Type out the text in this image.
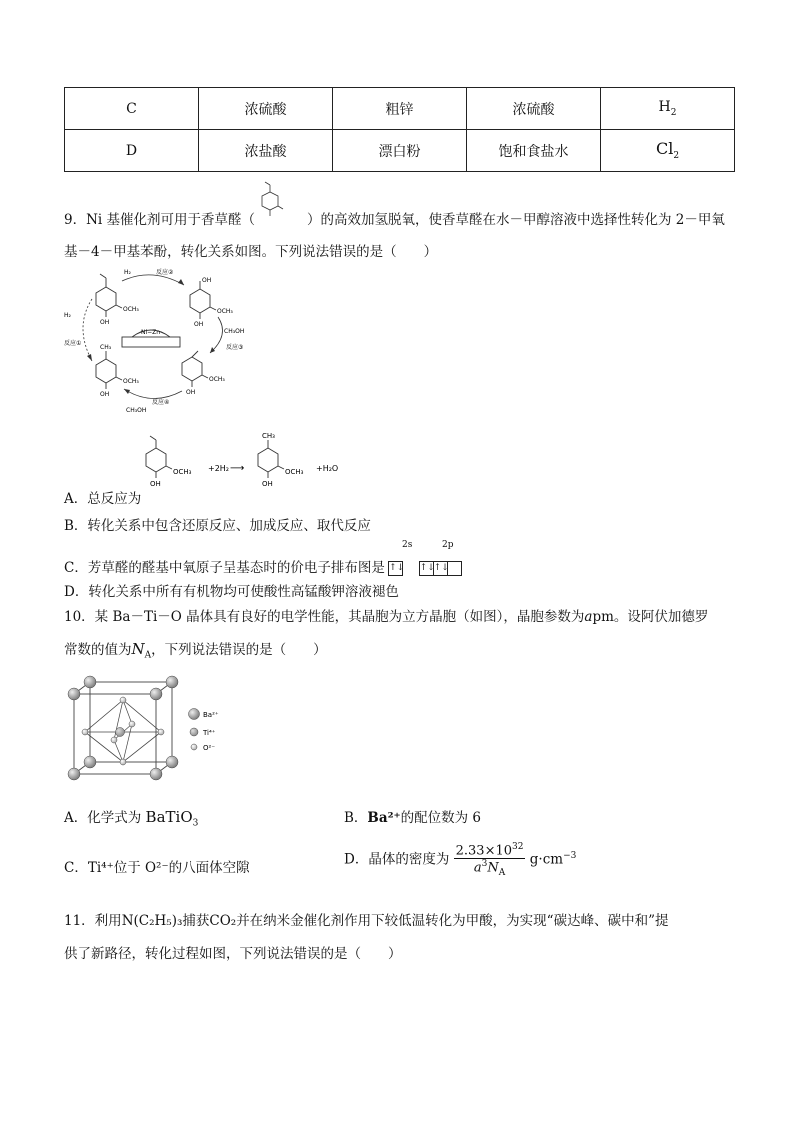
C	浓硫酸	粗锌	浓硫酸	$H_2$
D	浓盐酸	漂白粉	饱和食盐水	$Cl_2$
9．Ni 基催化剂可用于香草醛（	）的高效加氢脱氧，使香草醛在水－甲醇溶液中选择性转化为 2－甲氧
基－4－甲基苯酚，转化关系如图。下列说法错误的是（　　）
OCH₃
OH
OH
OCH₃
OH
OCH₃
OH
CH₃
OCH₃
OH
Ni−Zn
H₂	反应②
CH₃OH
反应③
反应④
CH₃OH
H₂
反应①
OCH₃
OH
+2H₂ ⟶
CH₃
OCH₃
OH
+H₂O
A．总反应为
B．转化关系中包含还原反应、加成反应、取代反应
C．芳草醛的醛基中氧原子呈基态时的价电子排布图是 ↑↓ ↑↓↑↓
2s	2p
D．转化关系中所有有机物均可使酸性高锰酸钾溶液褪色
10．某 Ba－Ti－O 晶体具有良好的电学性能，其晶胞为立方晶胞（如图），晶胞参数为apm。设阿伏加德罗
常数的值为$N_A$，下列说法错误的是（　　）
Ba²⁺
Ti⁴⁺
O²⁻
A．化学式为 BaTiO$_3$	B．Ba²⁺的配位数为 6
C．Ti⁴⁺位于 O²⁻的八面体空隙
D．晶体的密度为 $\frac{2.33\times 10^{32}}{a^3N_A} g\cdot cm^{-3}$
11．利用N(C₂H₅)₃捕获CO₂并在纳米金催化剂作用下较低温转化为甲酸，为实现“碳达峰、碳中和”提
供了新路径，转化过程如图，下列说法错误的是（　　）
